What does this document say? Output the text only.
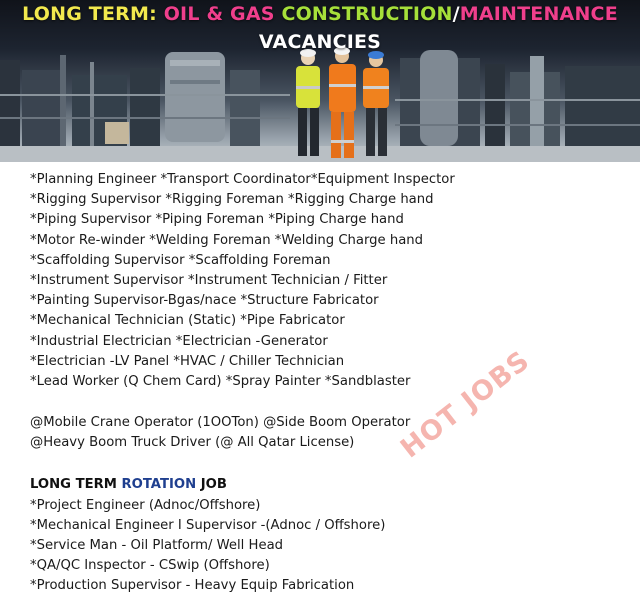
LONG TERM: OIL & GAS CONSTRUCTION/MAINTENANCE
VACANCIES
*Planning Engineer *Transport Coordinator*Equipment Inspector
*Rigging Supervisor *Rigging Foreman *Rigging Charge hand
*Piping Supervisor *Piping Foreman *Piping Charge hand
*Motor Re-winder *Welding Foreman *Welding Charge hand
*Scaffolding Supervisor *Scaffolding Foreman
*Instrument Supervisor *Instrument Technician / Fitter
*Painting Supervisor-Bgas/nace *Structure Fabricator
*Mechanical Technician (Static) *Pipe Fabricator
*Industrial Electrician *Electrician -Generator
*Electrician -LV Panel *HVAC / Chiller Technician
*Lead Worker (Q Chem Card) *Spray Painter *Sandblaster
@Mobile Crane Operator (1OOTon) @Side Boom Operator
@Heavy Boom Truck Driver (@ All Qatar License)
LONG TERM ROTATION JOB
*Project Engineer (Adnoc/Offshore)
*Mechanical Engineer I Supervisor -(Adnoc / Offshore)
*Service Man - Oil Platform/ Well Head
*QA/QC Inspector - CSwip (Offshore)
*Production Supervisor - Heavy Equip Fabrication
HOT JOBS
